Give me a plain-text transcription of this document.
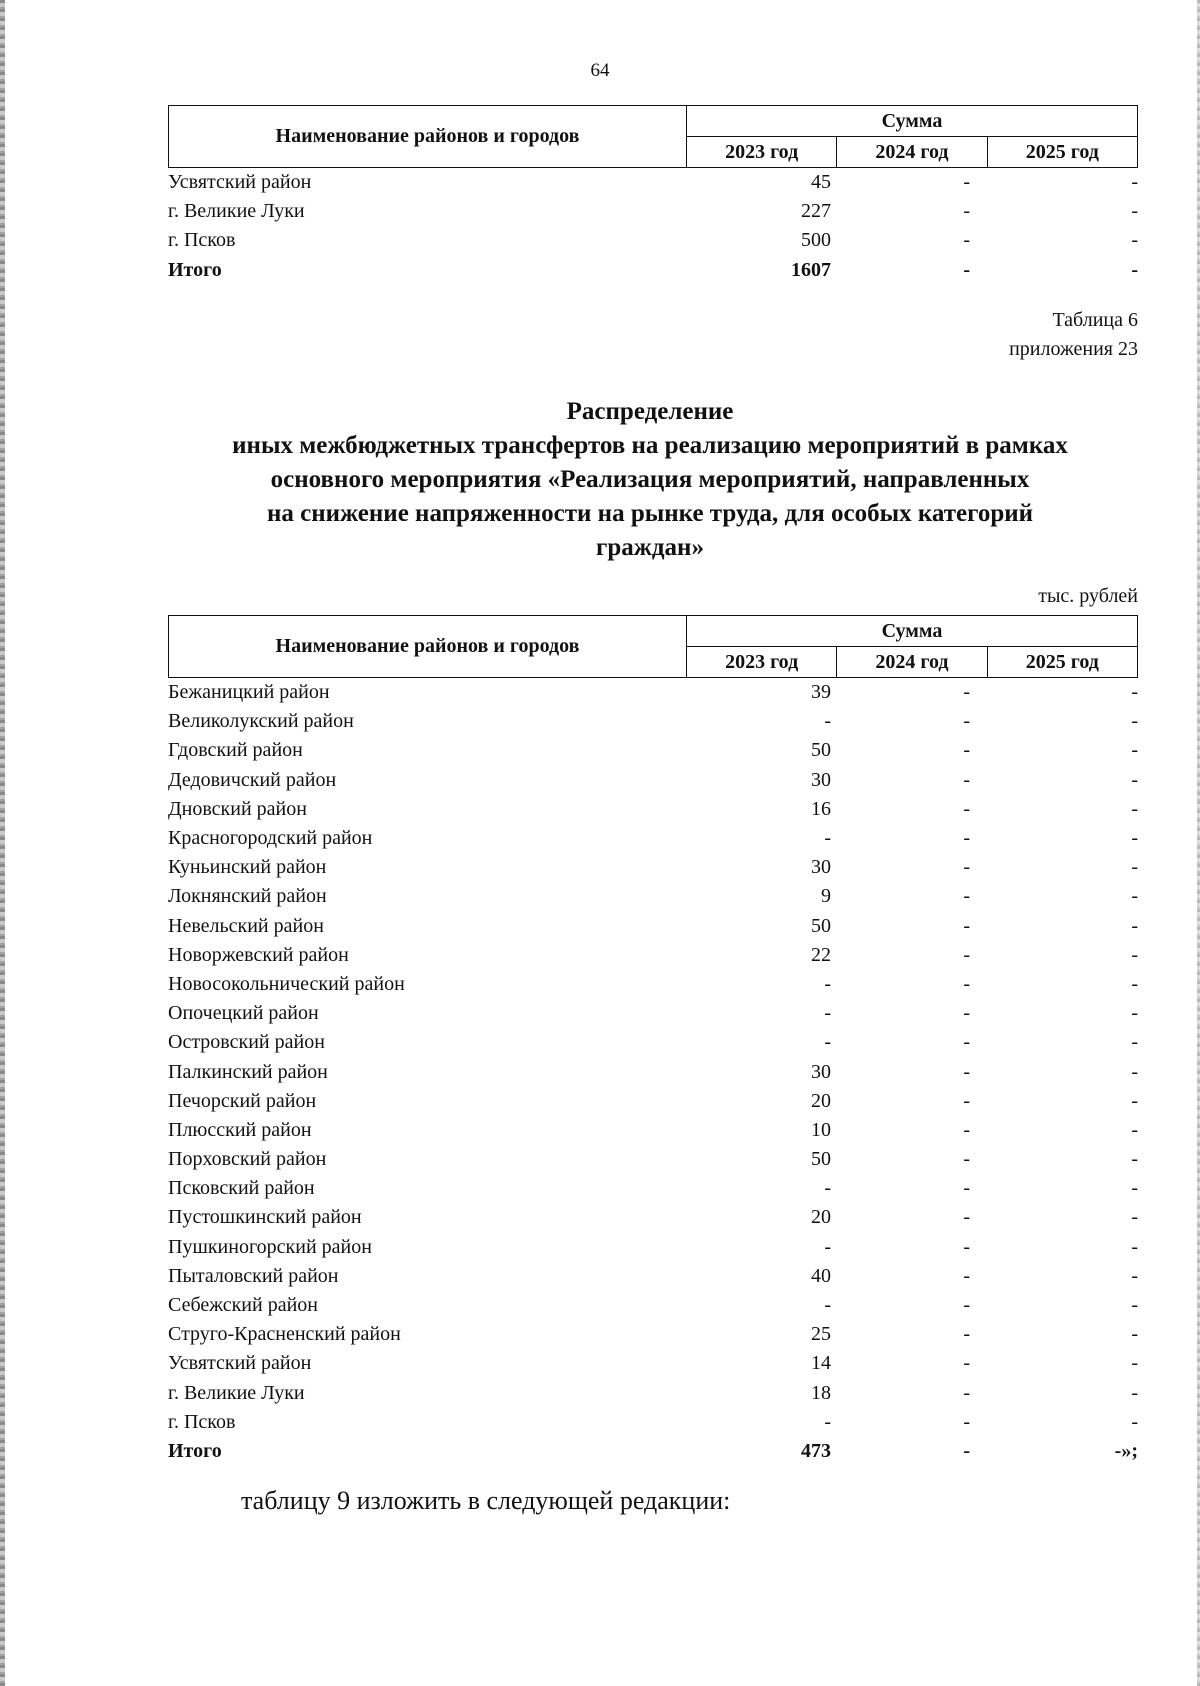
64
Наименование районов и городов	Сумма		
	2023 год	2024 год	2025 год
Усвятский район	45	-	-
г. Великие Луки	227	-	-
г. Псков	500	-	-
Итого	1607	-	-
Таблица 6
приложения 23
Распределение
иных межбюджетных трансфертов на реализацию мероприятий в рамках
основного мероприятия «Реализация мероприятий, направленных
на снижение напряженности на рынке труда, для особых категорий
граждан»
тыс. рублей
Наименование районов и городов	Сумма		
	2023 год	2024 год	2025 год
Бежаницкий район	39	-	-
Великолукский район	-	-	-
Гдовский район	50	-	-
Дедовичский район	30	-	-
Дновский район	16	-	-
Красногородский район	-	-	-
Куньинский район	30	-	-
Локнянский район	9	-	-
Невельский район	50	-	-
Новоржевский район	22	-	-
Новосокольнический район	-	-	-
Опочецкий район	-	-	-
Островский район	-	-	-
Палкинский район	30	-	-
Печорский район	20	-	-
Плюсский район	10	-	-
Порховский район	50	-	-
Псковский район	-	-	-
Пустошкинский район	20	-	-
Пушкиногорский район	-	-	-
Пыталовский район	40	-	-
Себежский район	-	-	-
Струго-Красненский район	25	-	-
Усвятский район	14	-	-
г. Великие Луки	18	-	-
г. Псков	-	-	-
Итого	473	-	-»;
таблицу 9 изложить в следующей редакции:
